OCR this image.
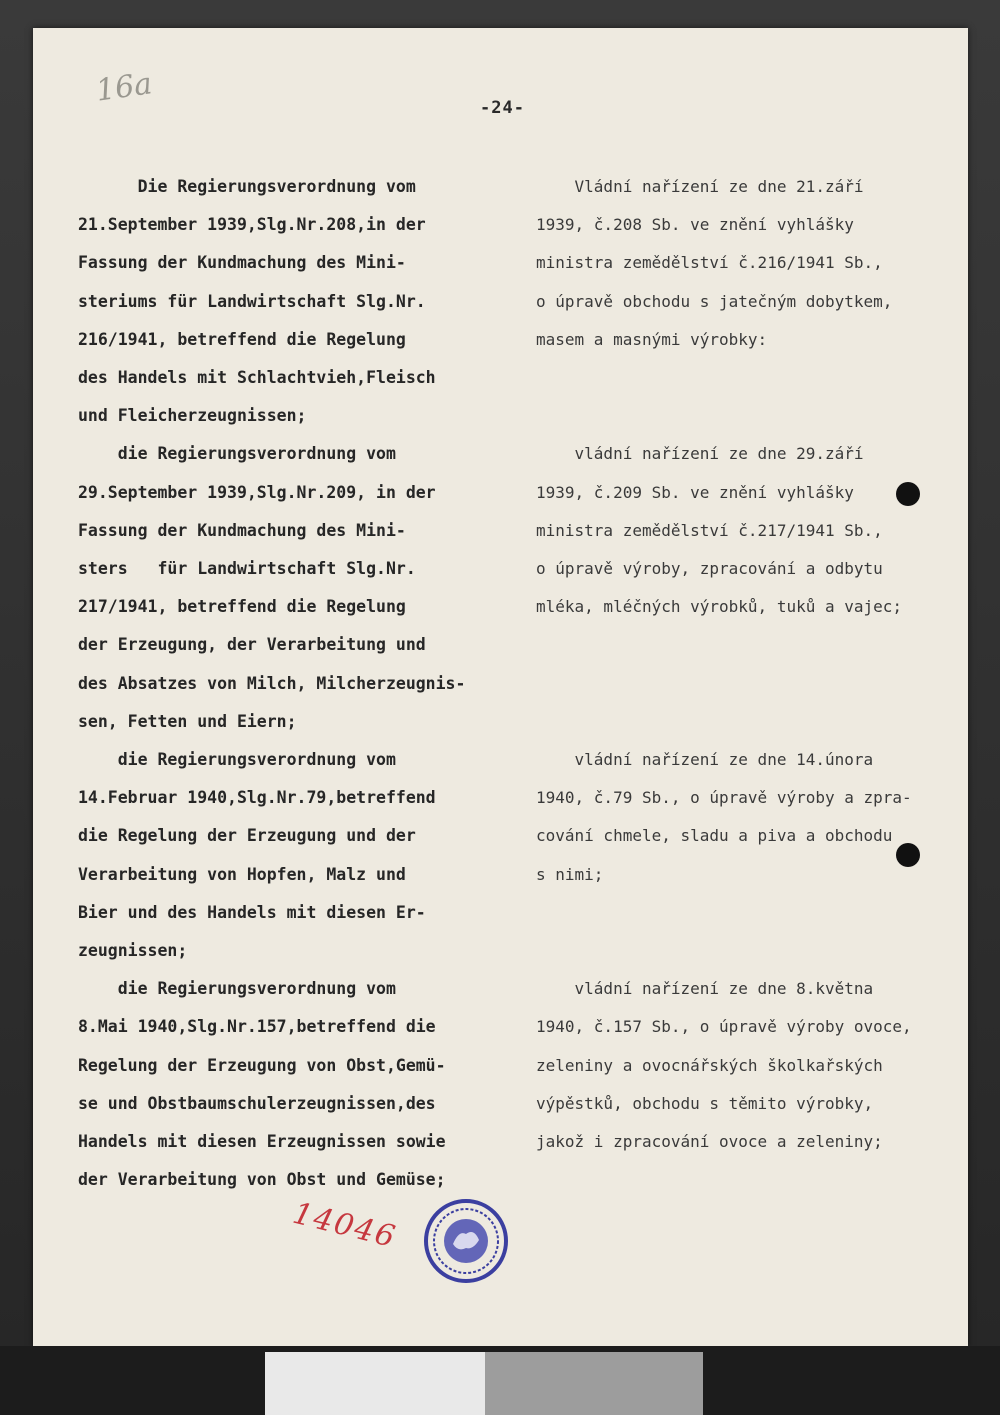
16a	-24-
Die Regierungsverordnung vom
21.September 1939,Slg.Nr.208,in der
Fassung der Kundmachung des Mini-
steriums für Landwirtschaft Slg.Nr.
216/1941, betreffend die Regelung
des Handels mit Schlachtvieh,Fleisch
und Fleicherzeugnissen;
die Regierungsverordnung vom
29.September 1939,Slg.Nr.209, in der
Fassung der Kundmachung des Mini-
sters   für Landwirtschaft Slg.Nr.
217/1941, betreffend die Regelung
der Erzeugung, der Verarbeitung und
des Absatzes von Milch, Milcherzeugnis-
sen, Fetten und Eiern;
die Regierungsverordnung vom
14.Februar 1940,Slg.Nr.79,betreffend
die Regelung der Erzeugung und der
Verarbeitung von Hopfen, Malz und
Bier und des Handels mit diesen Er-
zeugnissen;
die Regierungsverordnung vom
8.Mai 1940,Slg.Nr.157,betreffend die
Regelung der Erzeugung von Obst,Gemü-
se und Obstbaumschulerzeugnissen,des
Handels mit diesen Erzeugnissen sowie
der Verarbeitung von Obst und Gemüse;
Vládní nařízení ze dne 21.září
1939, č.208 Sb. ve znění vyhlášky
ministra zemědělství č.216/1941 Sb.,
o úpravě obchodu s jatečným dobytkem,
masem a masnými výrobky:

vládní nařízení ze dne 29.září
1939, č.209 Sb. ve znění vyhlášky
ministra zemědělství č.217/1941 Sb.,
o úpravě výroby, zpracování a odbytu
mléka, mléčných výrobků, tuků a vajec;

vládní nařízení ze dne 14.února
1940, č.79 Sb., o úpravě výroby a zpra-
cování chmele, sladu a piva a obchodu
s nimi;

vládní nařízení ze dne 8.května
1940, č.157 Sb., o úpravě výroby ovoce,
zeleniny a ovocnářských školkařských
výpěstků, obchodu s těmito výrobky,
jakož i zpracování ovoce a zeleniny;
14046
